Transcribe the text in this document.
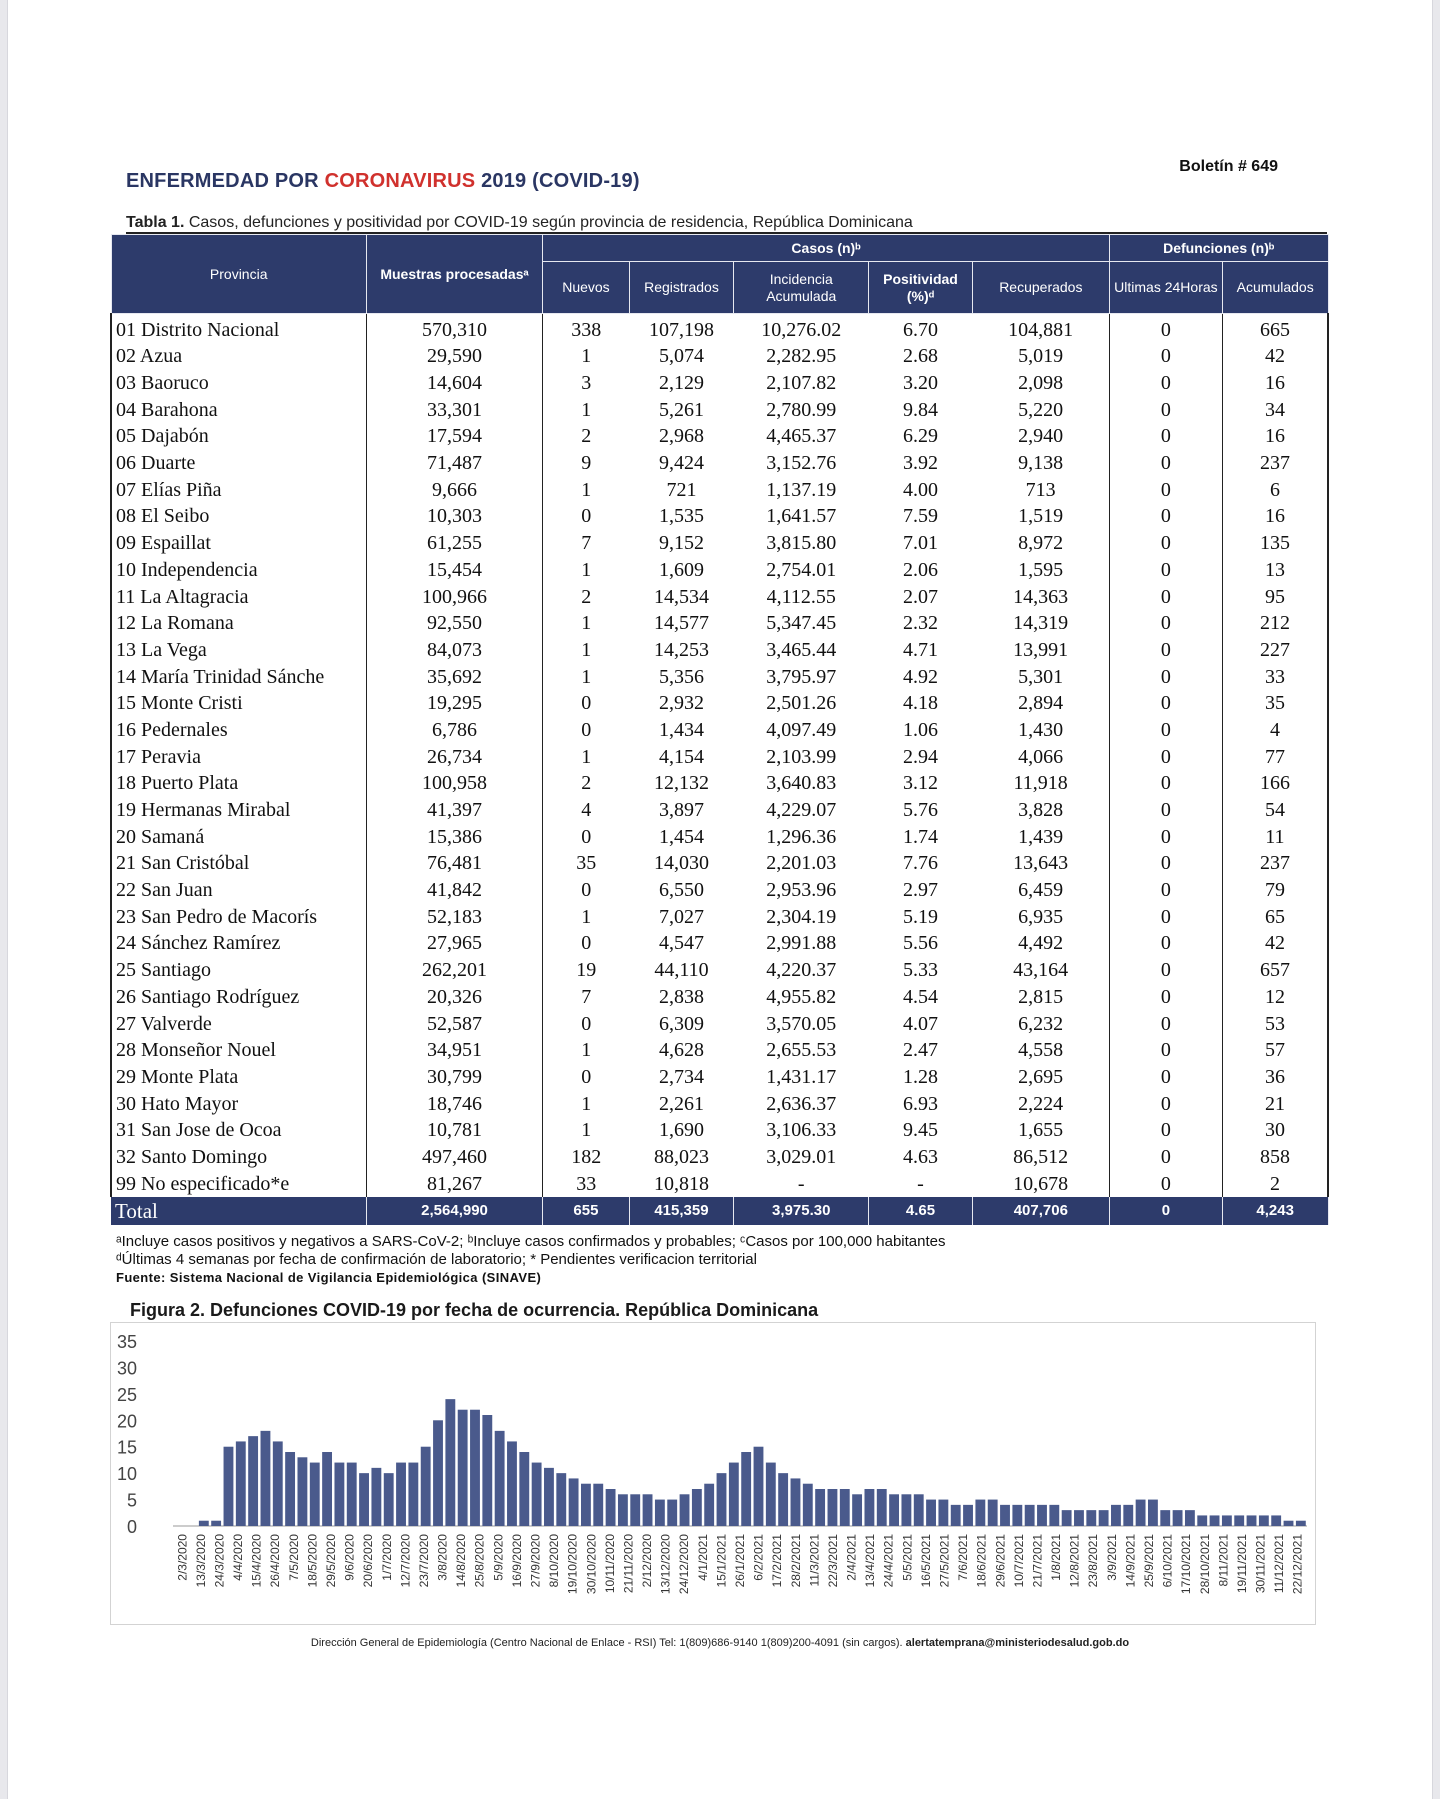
Boletín # 649
ENFERMEDAD POR CORONAVIRUS 2019 (COVID-19)
Tabla 1. Casos, defunciones y positividad por COVID-19 según provincia de residencia, República Dominicana
Provincia	Muestras procesadasᵃ	Casos (n)ᵇ					Defunciones (n)ᵇ	
		Nuevos	Registrados	Incidencia Acumulada	Positividad (%)ᵈ	Recuperados	Ultimas 24Horas	Acumulados
01 Distrito Nacional	570,310	338	107,198	10,276.02	6.70	104,881	0	665
02 Azua	29,590	1	5,074	2,282.95	2.68	5,019	0	42
03 Baoruco	14,604	3	2,129	2,107.82	3.20	2,098	0	16
04 Barahona	33,301	1	5,261	2,780.99	9.84	5,220	0	34
05 Dajabón	17,594	2	2,968	4,465.37	6.29	2,940	0	16
06 Duarte	71,487	9	9,424	3,152.76	3.92	9,138	0	237
07 Elías Piña	9,666	1	721	1,137.19	4.00	713	0	6
08 El Seibo	10,303	0	1,535	1,641.57	7.59	1,519	0	16
09 Espaillat	61,255	7	9,152	3,815.80	7.01	8,972	0	135
10 Independencia	15,454	1	1,609	2,754.01	2.06	1,595	0	13
11 La Altagracia	100,966	2	14,534	4,112.55	2.07	14,363	0	95
12 La Romana	92,550	1	14,577	5,347.45	2.32	14,319	0	212
13 La Vega	84,073	1	14,253	3,465.44	4.71	13,991	0	227
14 María Trinidad Sánche	35,692	1	5,356	3,795.97	4.92	5,301	0	33
15 Monte Cristi	19,295	0	2,932	2,501.26	4.18	2,894	0	35
16 Pedernales	6,786	0	1,434	4,097.49	1.06	1,430	0	4
17 Peravia	26,734	1	4,154	2,103.99	2.94	4,066	0	77
18 Puerto Plata	100,958	2	12,132	3,640.83	3.12	11,918	0	166
19 Hermanas Mirabal	41,397	4	3,897	4,229.07	5.76	3,828	0	54
20 Samaná	15,386	0	1,454	1,296.36	1.74	1,439	0	11
21 San Cristóbal	76,481	35	14,030	2,201.03	7.76	13,643	0	237
22 San Juan	41,842	0	6,550	2,953.96	2.97	6,459	0	79
23 San Pedro de Macorís	52,183	1	7,027	2,304.19	5.19	6,935	0	65
24 Sánchez Ramírez	27,965	0	4,547	2,991.88	5.56	4,492	0	42
25 Santiago	262,201	19	44,110	4,220.37	5.33	43,164	0	657
26 Santiago Rodríguez	20,326	7	2,838	4,955.82	4.54	2,815	0	12
27 Valverde	52,587	0	6,309	3,570.05	4.07	6,232	0	53
28 Monseñor Nouel	34,951	1	4,628	2,655.53	2.47	4,558	0	57
29 Monte Plata	30,799	0	2,734	1,431.17	1.28	2,695	0	36
30 Hato Mayor	18,746	1	2,261	2,636.37	6.93	2,224	0	21
31 San Jose de Ocoa	10,781	1	1,690	3,106.33	9.45	1,655	0	30
32 Santo Domingo	497,460	182	88,023	3,029.01	4.63	86,512	0	858
99 No especificado*e	81,267	33	10,818	-	-	10,678	0	2
Total	2,564,990	655	415,359	3,975.30	4.65	407,706	0	4,243
ᵃIncluye casos positivos y negativos a SARS-CoV-2; ᵇIncluye casos confirmados y probables; ᶜCasos por 100,000 habitantes
ᵈÚltimas 4 semanas por fecha de confirmación de laboratorio; * Pendientes verificacion territorial
Fuente: Sistema Nacional de Vigilancia Epidemiológica (SINAVE)
Figura 2. Defunciones COVID-19 por fecha de ocurrencia. República Dominicana
0
5
10
15
20
25
30
35
2/3/2020 13/3/2020 24/3/2020 4/4/2020 15/4/2020 26/4/2020 7/5/2020 18/5/2020 29/5/2020 9/6/2020 20/6/2020 1/7/2020 12/7/2020 23/7/2020 3/8/2020 14/8/2020 25/8/2020 5/9/2020 16/9/2020 27/9/2020 8/10/2020 19/10/2020 30/10/2020 10/11/2020 21/11/2020 2/12/2020 13/12/2020 24/12/2020 4/1/2021 15/1/2021 26/1/2021 6/2/2021 17/2/2021 28/2/2021 11/3/2021 22/3/2021 2/4/2021 13/4/2021 24/4/2021 5/5/2021 16/5/2021 27/5/2021 7/6/2021 18/6/2021 29/6/2021 10/7/2021 21/7/2021 1/8/2021 12/8/2021 23/8/2021 3/9/2021 14/9/2021 25/9/2021 6/10/2021 17/10/2021 28/10/2021 8/11/2021 19/11/2021 30/11/2021 11/12/2021 22/12/2021
Dirección General de Epidemiología (Centro Nacional de Enlace - RSI) Tel: 1(809)686-9140 1(809)200-4091 (sin cargos). alertatemprana@ministeriodesalud.gob.do
